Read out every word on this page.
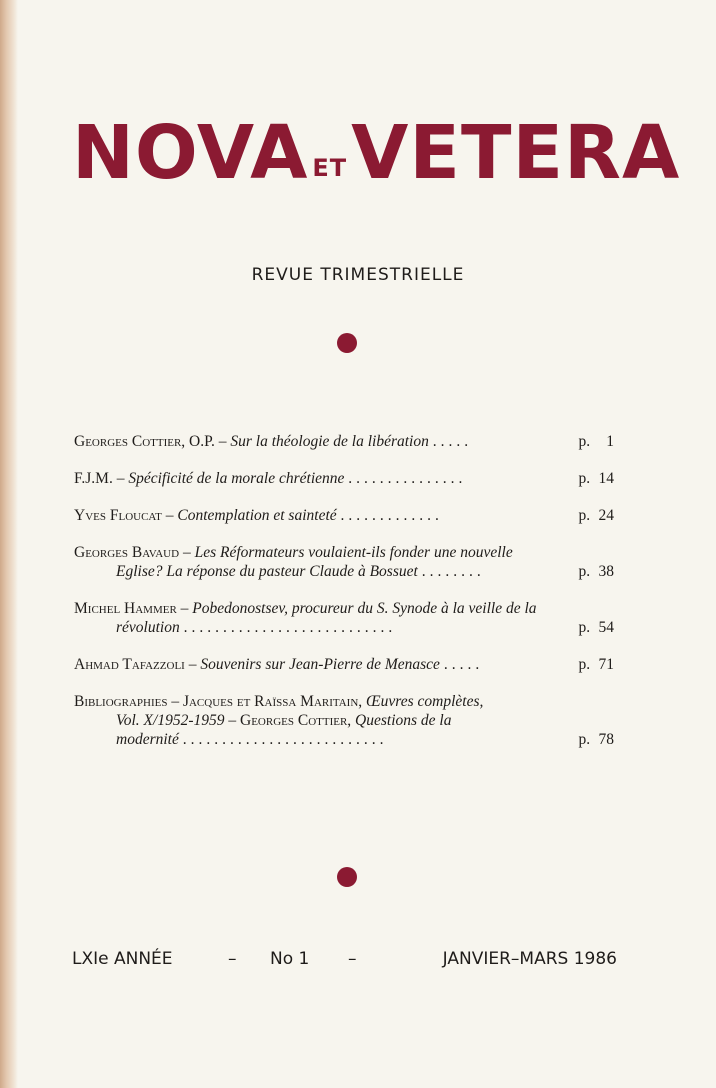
NOVA ETVETERA
REVUE TRIMESTRIELLE
Georges Cottier, O.P. – Sur la théologie de la libération .....	p. 1
F.J.M. – Spécificité de la morale chrétienne ...............	p. 14
Yves Floucat – Contemplation et sainteté .............	p. 24
Georges Bavaud – Les Réformateurs voulaient-ils fonder une nouvelle
Eglise? La réponse du pasteur Claude à Bossuet ........	p. 38
Michel Hammer – Pobedonostsev, procureur du S. Synode à la veille de la
révolution ...........................	p. 54
Ahmad Tafazzoli – Souvenirs sur Jean-Pierre de Menasce .....	p. 71
Bibliographies – Jacques et Raïssa Maritain, Œuvres complètes,
Vol. X/1952-1959 – Georges Cottier, Questions de la
modernité ..........................	p. 78
LXIe ANNÉE	– No 1 –	JANVIER–MARS 1986
